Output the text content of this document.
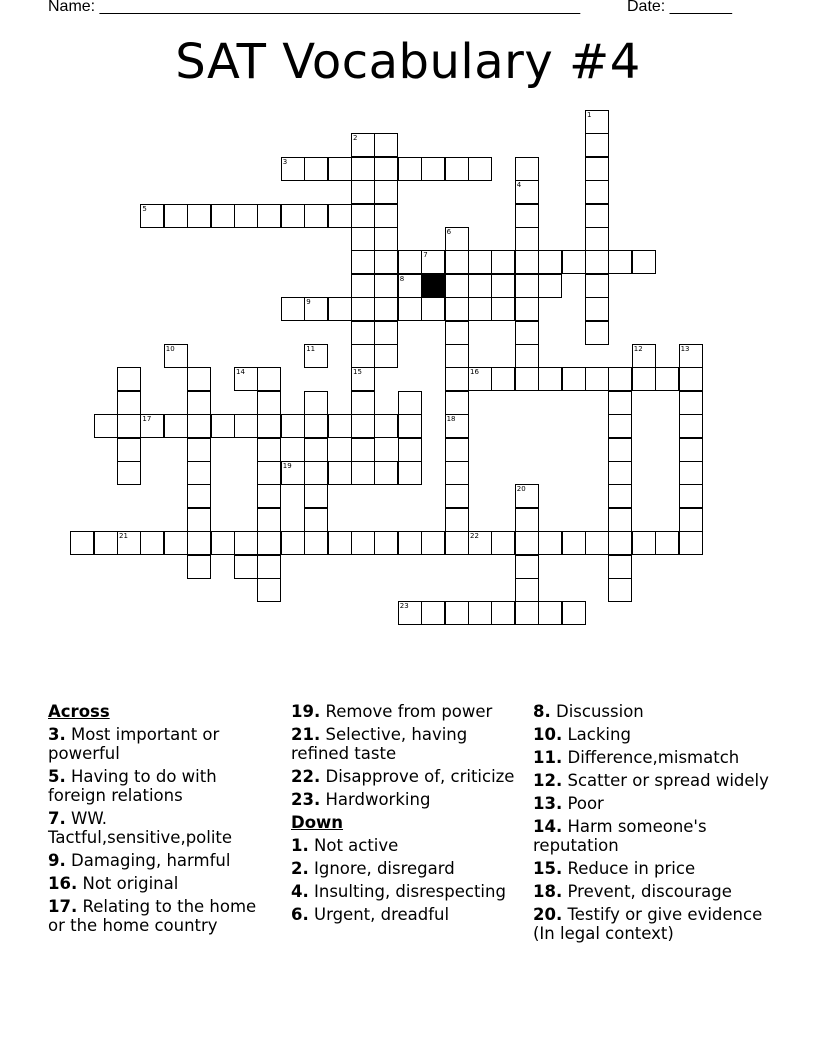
Name: ______________________________________________________	Date: _______
SAT Vocabulary #4
1
15
4
6
18
7
8
9
16
17
19
20
21	22
23
2
3
5
10	11	12	13
14
Across
3. Most important or powerful
5. Having to do with foreign relations
7. WW. Tactful,sensitive,polite
9. Damaging, harmful
16. Not original
17. Relating to the home or the home country
19. Remove from power
21. Selective, having refined taste
22. Disapprove of, criticize
23. Hardworking
Down
1. Not active
2. Ignore, disregard
4. Insulting, disrespecting
6. Urgent, dreadful
8. Discussion
10. Lacking
11. Difference,mismatch
12. Scatter or spread widely
13. Poor
14. Harm someone's reputation
15. Reduce in price
18. Prevent, discourage
20. Testify or give evidence (In legal context)
